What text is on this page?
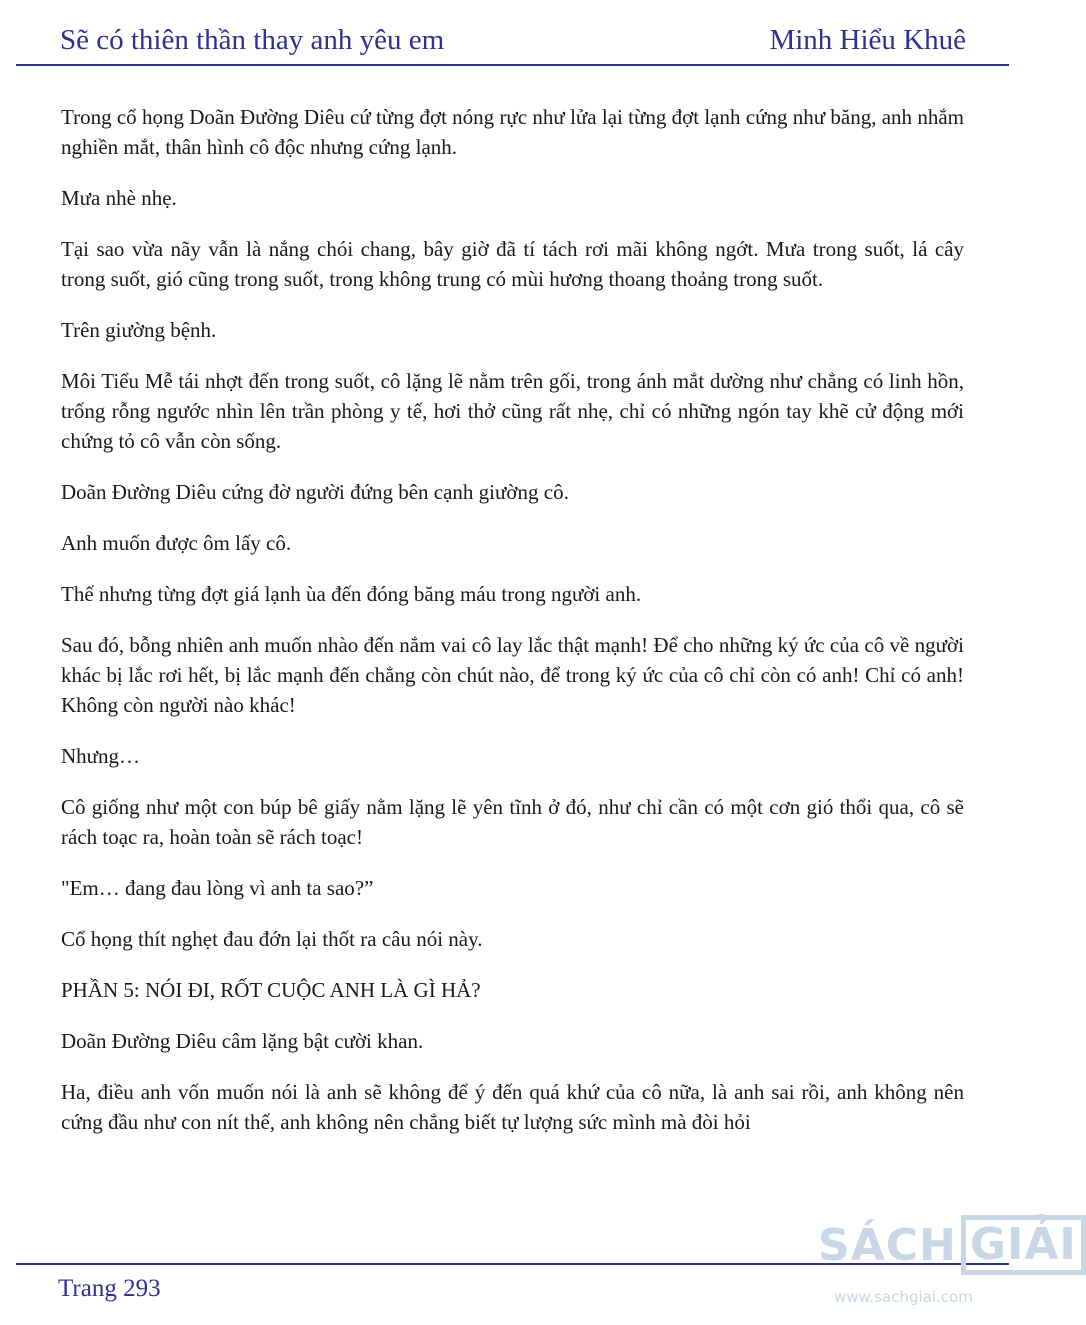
Sẽ có thiên thần thay anh yêu em	Minh Hiểu Khuê

Trong cổ họng Doãn Đường Diêu cứ từng đợt nóng rực như lửa lại từng đợt lạnh cứng như băng, anh nhắm nghiền mắt, thân hình cô độc nhưng cứng lạnh.

Mưa nhè nhẹ.

Tại sao vừa nãy vẫn là nắng chói chang, bây giờ đã tí tách rơi mãi không ngớt. Mưa trong suốt, lá cây trong suốt, gió cũng trong suốt, trong không trung có mùi hương thoang thoảng trong suốt.

Trên giường bệnh.

Môi Tiểu Mễ tái nhợt đến trong suốt, cô lặng lẽ nằm trên gối, trong ánh mắt dường như chẳng có linh hồn, trống rỗng ngước nhìn lên trần phòng y tế, hơi thở cũng rất nhẹ, chỉ có những ngón tay khẽ cử động mới chứng tỏ cô vẫn còn sống.

Doãn Đường Diêu cứng đờ người đứng bên cạnh giường cô.

Anh muốn được ôm lấy cô.

Thế nhưng từng đợt giá lạnh ùa đến đóng băng máu trong người anh.

Sau đó, bỗng nhiên anh muốn nhào đến nắm vai cô lay lắc thật mạnh! Để cho những ký ức của cô về người khác bị lắc rơi hết, bị lắc mạnh đến chẳng còn chút nào, để trong ký ức của cô chỉ còn có anh! Chỉ có anh! Không còn người nào khác!

Nhưng…

Cô giống như một con búp bê giấy nằm lặng lẽ yên tĩnh ở đó, như chỉ cần có một cơn gió thổi qua, cô sẽ rách toạc ra, hoàn toàn sẽ rách toạc!

"Em… đang đau lòng vì anh ta sao?”

Cổ họng thít nghẹt đau đớn lại thốt ra câu nói này.

PHẦN 5: NÓI ĐI, RỐT CUỘC ANH LÀ GÌ HẢ?

Doãn Đường Diêu câm lặng bật cười khan.

Ha, điều anh vốn muốn nói là anh sẽ không để ý đến quá khứ của cô nữa, là anh sai rồi, anh không nên cứng đầu như con nít thế, anh không nên chẳng biết tự lượng sức mình mà đòi hỏi

Trang 293
SÁCH GIẢI
www.sachgiai.com
